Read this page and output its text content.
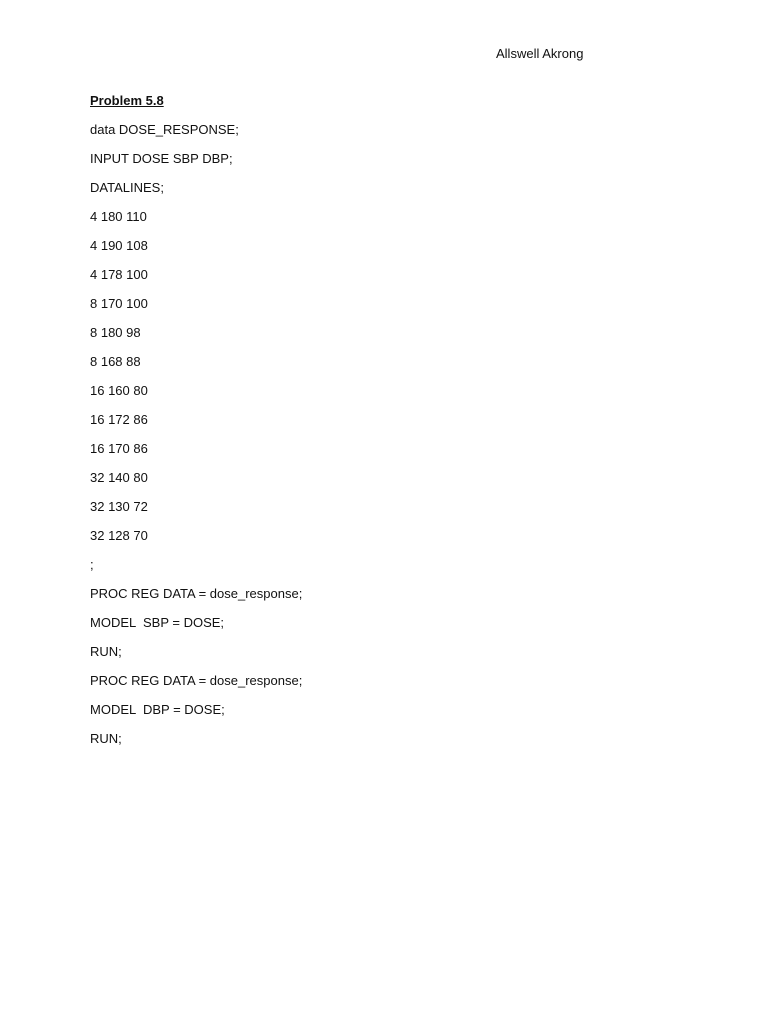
Allswell Akrong
Problem 5.8
data DOSE_RESPONSE;
INPUT DOSE SBP DBP;
DATALINES;
4 180 110
4 190 108
4 178 100
8 170 100
8 180 98
8 168 88
16 160 80
16 172 86
16 170 86
32 140 80
32 130 72
32 128 70
;
PROC REG DATA = dose_response;
MODEL  SBP = DOSE;
RUN;
PROC REG DATA = dose_response;
MODEL  DBP = DOSE;
RUN;
